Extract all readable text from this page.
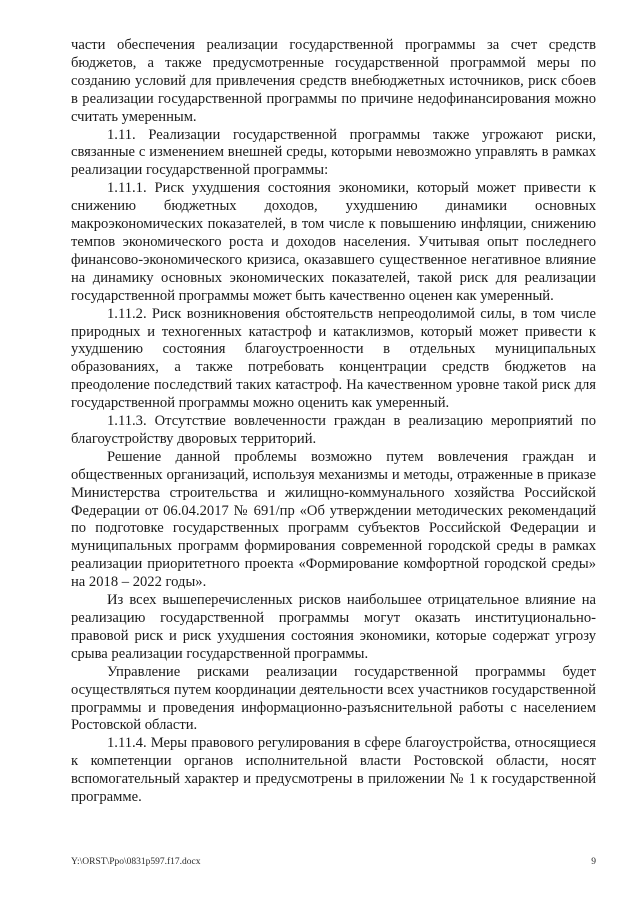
части обеспечения реализации государственной программы за счет средств бюджетов, а также предусмотренные государственной программой меры по созданию условий для привлечения средств внебюджетных источников, риск сбоев в реализации государственной программы по причине недофинансирования можно считать умеренным.

1.11. Реализации государственной программы также угрожают риски, связанные с изменением внешней среды, которыми невозможно управлять в рамках реализации государственной программы:

1.11.1. Риск ухудшения состояния экономики, который может привести к снижению бюджетных доходов, ухудшению динамики основных макроэкономических показателей, в том числе к повышению инфляции, снижению темпов экономического роста и доходов населения. Учитывая опыт последнего финансово-экономического кризиса, оказавшего существенное негативное влияние на динамику основных экономических показателей, такой риск для реализации государственной программы может быть качественно оценен как умеренный.

1.11.2. Риск возникновения обстоятельств непреодолимой силы, в том числе природных и техногенных катастроф и катаклизмов, который может привести к ухудшению состояния благоустроенности в отдельных муниципальных образованиях, а также потребовать концентрации средств бюджетов на преодоление последствий таких катастроф. На качественном уровне такой риск для государственной программы можно оценить как умеренный.

1.11.3. Отсутствие вовлеченности граждан в реализацию мероприятий по благоустройству дворовых территорий.

Решение данной проблемы возможно путем вовлечения граждан и общественных организаций, используя механизмы и методы, отраженные в приказе Министерства строительства и жилищно-коммунального хозяйства Российской Федерации от 06.04.2017 № 691/пр «Об утверждении методических рекомендаций по подготовке государственных программ субъектов Российской Федерации и муниципальных программ формирования современной городской среды в рамках реализации приоритетного проекта «Формирование комфортной городской среды» на 2018 – 2022 годы».

Из всех вышеперечисленных рисков наибольшее отрицательное влияние на реализацию государственной программы могут оказать институционально-правовой риск и риск ухудшения состояния экономики, которые содержат угрозу срыва реализации государственной программы.

Управление рисками реализации государственной программы будет осуществляться путем координации деятельности всех участников государственной программы и проведения информационно-разъяснительной работы с населением Ростовской области.

1.11.4. Меры правового регулирования в сфере благоустройства, относящиеся к компетенции органов исполнительной власти Ростовской области, носят вспомогательный характер и предусмотрены в приложении № 1 к государственной программе.

Y:\ORST\Ppo\0831p597.f17.docx	9
